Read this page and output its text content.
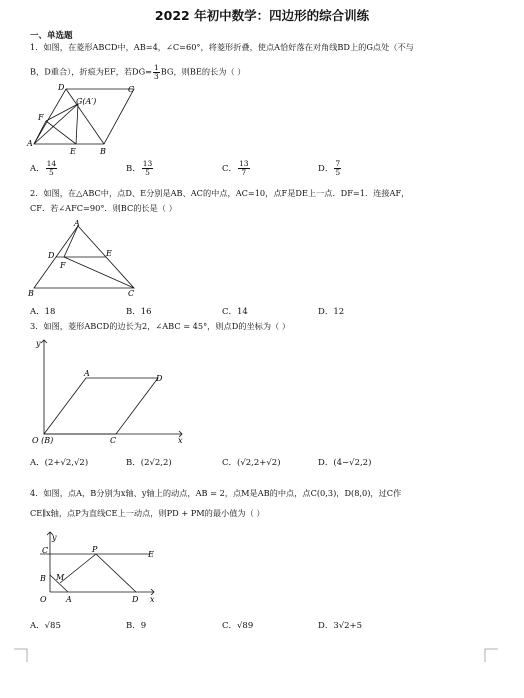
2022 年初中数学：四边形的综合训练
一、单选题
1．如图，在菱形ABCD中，AB=4，∠C=60°，将菱形折叠，使点A恰好落在对角线BD上的G点处（不与
B，D重合），折痕为EF，若$DG= \frac{1}{3}$ BG，则BE的长为（ ）
D	C
G(A′)
F
A
E	B
A． $\frac{14}{5}$	B． $\frac{13}{5}$	C． $\frac{13}{7}$	D． $\frac{7}{5}$
2．如图，在△ABC中，点D、E分别是AB、AC的中点，AC=10，点F是DE上一点．DF=1．连接AF，
CF．若∠AFC=90°．则BC的长是（ ）
A
D	E
F
B	C
A．18	B．16	C．14	D．12
3．如图，菱形ABCD的边长为2，∠ABC = 45°，则点D的坐标为（ ）
y
A
D
O (B)	C	x
A．(2+√2,√2)	B．(2√2,2)	C．(√2,2+√2)	D．(4−√2,2)
4．如图，点A，B分别为x轴、y轴上的动点，AB = 2，点M是AB的中点，点C(0,3)，D(8,0)，过C作
CE∥x轴，点P为直线CE上一动点，则PD + PM的最小值为（ ）
y
C	P
E
B M
O A	D x
A．√85	B．9	C．√89	D．3√2+5
